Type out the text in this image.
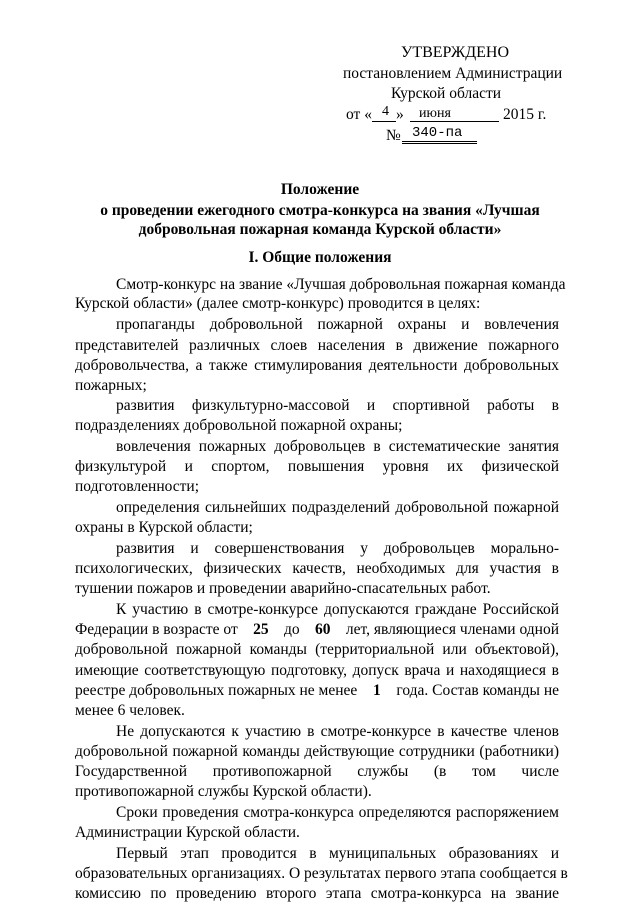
УТВЕРЖДЕНО
постановлением Администрации
Курской области
от « 4 » июня	2015 г.
№ 340-па
Положение
о проведении ежегодного смотра-конкурса на звания «Лучшая
добровольная пожарная команда Курской области»
I. Общие положения
Смотр-конкурс на звание «Лучшая добровольная пожарная команда
Курской области» (далее смотр-конкурс) проводится в целях:
пропаганды добровольной пожарной охраны и вовлечения
представителей различных слоев населения в движение пожарного
добровольчества, а также стимулирования деятельности добровольных
пожарных;
развития физкультурно-массовой и спортивной работы в
подразделениях добровольной пожарной охраны;
вовлечения пожарных добровольцев в систематические занятия
физкультурой и спортом, повышения уровня их физической
подготовленности;
определения сильнейших подразделений добровольной пожарной
охраны в Курской области;
развития и совершенствования у добровольцев морально-
психологических, физических качеств, необходимых для участия в
тушении пожаров и проведении аварийно-спасательных работ.
К участию в смотре-конкурсе допускаются граждане Российской
Федерации в возрасте от 25 до 60 лет, являющиеся членами одной
добровольной пожарной команды (территориальной или объектовой),
имеющие соответствующую подготовку, допуск врача и находящиеся в
реестре добровольных пожарных не менее 1 года. Состав команды не
менее 6 человек.
Не допускаются к участию в смотре-конкурсе в качестве членов
добровольной пожарной команды действующие сотрудники (работники)
Государственной противопожарной службы (в том числе
противопожарной службы Курской области).
Сроки проведения смотра-конкурса определяются распоряжением
Администрации Курской области.
Первый этап проводится в муниципальных образованиях и
образовательных организациях. О результатах первого этапа сообщается в
комиссию по проведению второго этапа смотра-конкурса на звание
